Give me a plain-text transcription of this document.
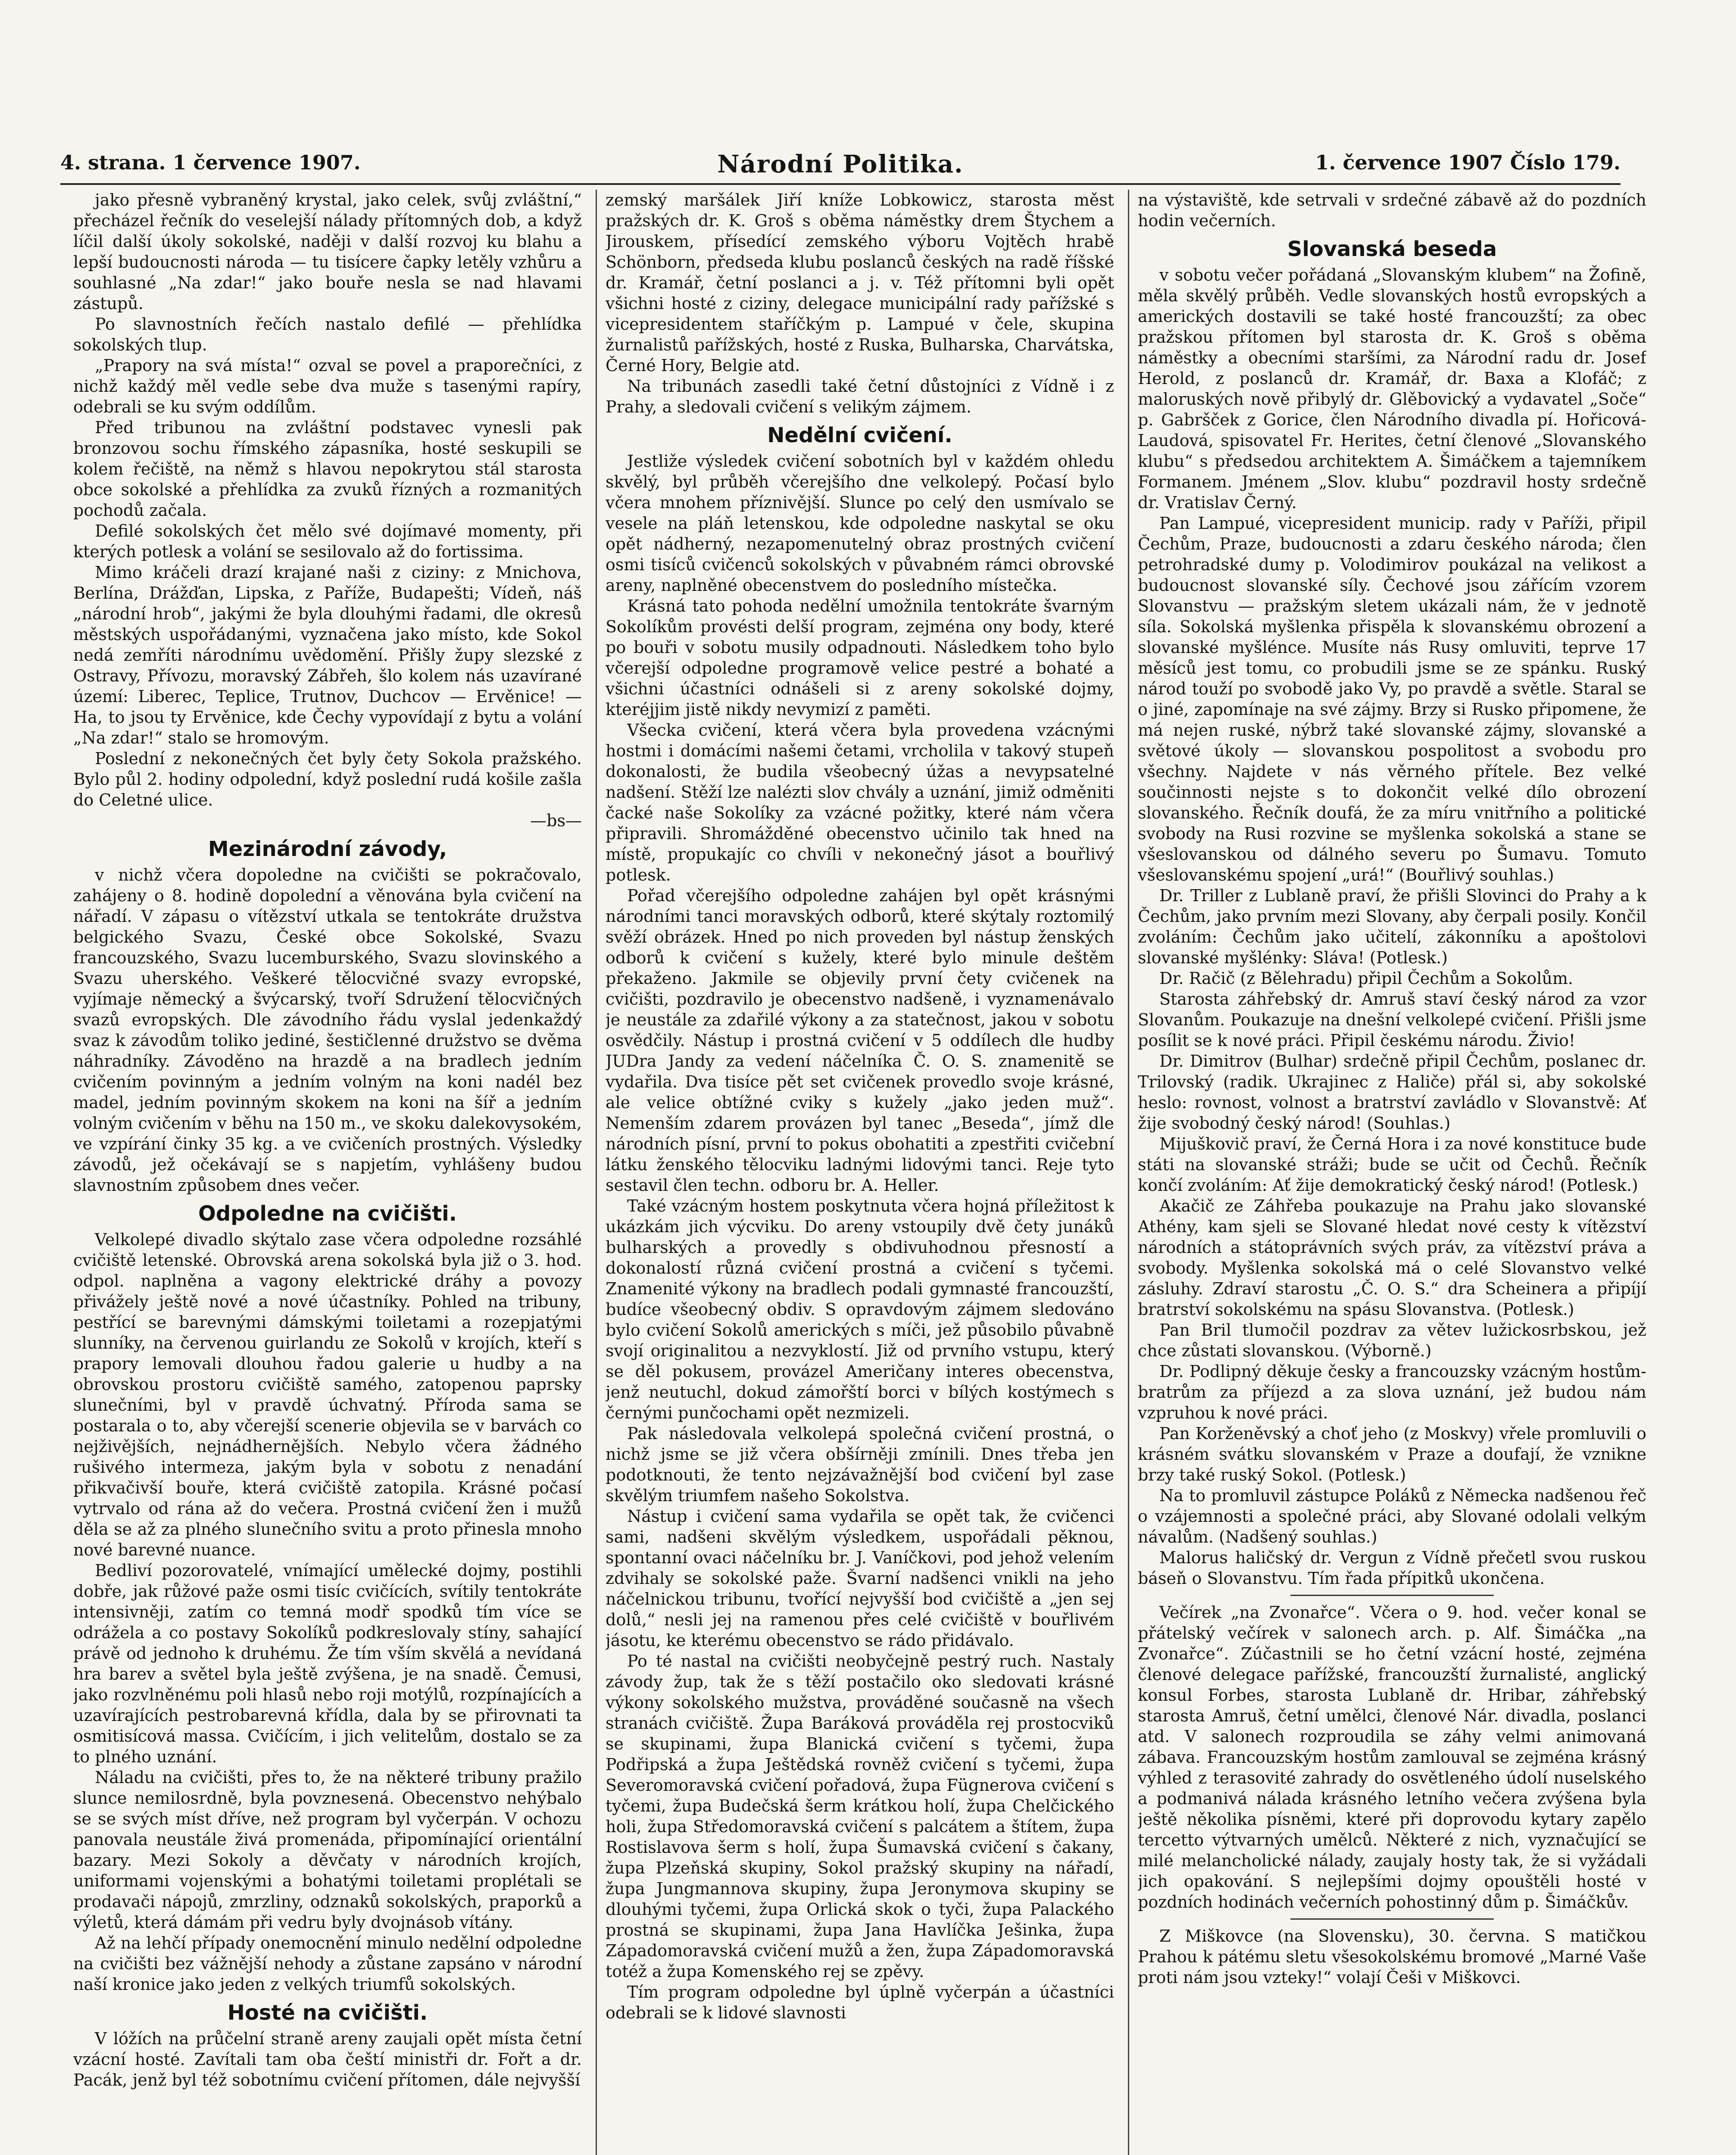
4. strana. 1 července 1907.	Národní Politika.	1. července 1907 Číslo 179.

jako přesně vybraněný krystal, jako celek, svůj zvláštní,“ přecházel řečník do veselejší nálady přítomných dob, a když líčil další úkoly sokolské, naději v další rozvoj ku blahu a lepší budoucnosti národa — tu tisícere čapky letěly vzhůru a souhlasné „Na zdar!“ jako bouře nesla se nad hlavami zástupů.

Po slavnostních řečích nastalo defilé — přehlídka sokolských tlup.

„Prapory na svá místa!“ ozval se povel a praporečníci, z nichž každý měl vedle sebe dva muže s tasenými rapíry, odebrali se ku svým oddílům.

Před tribunou na zvláštní podstavec vynesli pak bronzovou sochu římského zápasníka, hosté seskupili se kolem řečiště, na němž s hlavou nepokrytou stál starosta obce sokolské a přehlídka za zvuků řízných a rozmanitých pochodů začala.

Defilé sokolských čet mělo své dojímavé momenty, při kterých potlesk a volání se sesilovalo až do fortissima.

Mimo kráčeli drazí krajané naši z ciziny: z Mnichova, Berlína, Drážďan, Lipska, z Paříže, Budapešti; Vídeň, náš „národní hrob“, jakými že byla dlouhými řadami, dle okresů městských uspořádanými, vyznačena jako místo, kde Sokol nedá zemříti národnímu uvědomění. Přišly župy slezské z Ostravy, Přívozu, moravský Zábřeh, šlo kolem nás uzavírané území: Liberec, Teplice, Trutnov, Duchcov — Ervěnice! — Ha, to jsou ty Ervěnice, kde Čechy vypovídají z bytu a volání „Na zdar!“ stalo se hromovým.

Poslední z nekonečných čet byly čety Sokola pražského. Bylo půl 2. hodiny odpolední, když poslední rudá košile zašla do Celetné ulice.

—bs—

Mezinárodní závody,

v nichž včera dopoledne na cvičišti se pokračovalo, zahájeny o 8. hodině dopolední a věnována byla cvičení na nářadí. V zápasu o vítězství utkala se tentokráte družstva belgického Svazu, České obce Sokolské, Svazu francouzského, Svazu lucemburského, Svazu slovinského a Svazu uherského. Veškeré tělocvičné svazy evropské, vyjímaje německý a švýcarský, tvoří Sdružení tělocvičných svazů evropských. Dle závodního řádu vyslal jedenkaždý svaz k závodům toliko jediné, šestičlenné družstvo se dvěma náhradníky. Závoděno na hrazdě a na bradlech jedním cvičením povinným a jedním volným na koni nadél bez madel, jedním povinným skokem na koni na šíř a jedním volným cvičením v běhu na 150 m., ve skoku dalekovysokém, ve vzpírání činky 35 kg. a ve cvičeních prostných. Výsledky závodů, jež očekávají se s napjetím, vyhlášeny budou slavnostním způsobem dnes večer.

Odpoledne na cvičišti.

Velkolepé divadlo skýtalo zase včera odpoledne rozsáhlé cvičiště letenské. Obrovská arena sokolská byla již o 3. hod. odpol. naplněna a vagony elektrické dráhy a povozy přivážely ještě nové a nové účastníky. Pohled na tribuny, pestřící se barevnými dámskými toiletami a rozepjatými slunníky, na červenou guirlandu ze Sokolů v krojích, kteří s prapory lemovali dlouhou řadou galerie u hudby a na obrovskou prostoru cvičiště samého, zatopenou paprsky slunečními, byl v pravdě úchvatný. Příroda sama se postarala o to, aby včerejší scenerie objevila se v barvách co nejživějších, nejnádhernějších. Nebylo včera žádného rušivého intermeza, jakým byla v sobotu z nenadání přikvačivší bouře, která cvičiště zatopila. Krásné počasí vytrvalo od rána až do večera. Prostná cvičení žen i mužů děla se až za plného slunečního svitu a proto přinesla mnoho nové barevné nuance.

Bedliví pozorovatelé, vnímající umělecké dojmy, postihli dobře, jak růžové paže osmi tisíc cvičících, svítily tentokráte intensivněji, zatím co temná modř spodků tím více se odrážela a co postavy Sokolíků podkreslovaly stíny, sahající právě od jednoho k druhému. Že tím vším skvělá a nevídaná hra barev a světel byla ještě zvýšena, je na snadě. Čemusi, jako rozvlněnému poli hlasů nebo roji motýlů, rozpínajících a uzavírajících pestrobarevná křídla, dala by se přirovnati ta osmitisícová massa. Cvičícím, i jich velitelům, dostalo se za to plného uznání.

Náladu na cvičišti, přes to, že na některé tribuny pražilo slunce nemilosrdně, byla povznesená. Obecenstvo nehýbalo se se svých míst dříve, než program byl vyčerpán. V ochozu panovala neustále živá promenáda, připomínající orientální bazary. Mezi Sokoly a děvčaty v národních krojích, uniformami vojenskými a bohatými toiletami proplétali se prodavači nápojů, zmrzliny, odznaků sokolských, praporků a výletů, která dámám při vedru byly dvojnásob vítány.

Až na lehčí případy onemocnění minulo nedělní odpoledne na cvičišti bez vážnější nehody a zůstane zapsáno v národní naší kronice jako jeden z velkých triumfů sokolských.

Hosté na cvičišti.

V lóžích na průčelní straně areny zaujali opět místa četní vzácní hosté. Zavítali tam oba čeští ministři dr. Fořt a dr. Pacák, jenž byl též sobotnímu cvičení přítomen, dále nejvyšší

zemský maršálek Jiří kníže Lobkowicz, starosta měst pražských dr. K. Groš s oběma náměstky drem Štychem a Jirouskem, přísedící zemského výboru Vojtěch hrabě Schönborn, předseda klubu poslanců českých na radě říšské dr. Kramář, četní poslanci a j. v. Též přítomni byli opět všichni hosté z ciziny, delegace municipální rady pařížské s vicepresidentem staříčkým p. Lampué v čele, skupina žurnalistů pařížských, hosté z Ruska, Bulharska, Charvátska, Černé Hory, Belgie atd.

Na tribunách zasedli také četní důstojníci z Vídně i z Prahy, a sledovali cvičení s velikým zájmem.

Nedělní cvičení.

Jestliže výsledek cvičení sobotních byl v každém ohledu skvělý, byl průběh včerejšího dne velkolepý. Počasí bylo včera mnohem příznivější. Slunce po celý den usmívalo se vesele na pláň letenskou, kde odpoledne naskytal se oku opět nádherný, nezapomenutelný obraz prostných cvičení osmi tisíců cvičenců sokolských v půvabném rámci obrovské areny, naplněné obecenstvem do posledního místečka.

Krásná tato pohoda nedělní umožnila tentokráte švarným Sokolíkům provésti delší program, zejména ony body, které po bouři v sobotu musily odpadnouti. Následkem toho bylo včerejší odpoledne programově velice pestré a bohaté a všichni účastníci odnášeli si z areny sokolské dojmy, kteréjjim jistě nikdy nevymizí z paměti.

Všecka cvičení, která včera byla provedena vzácnými hostmi i domácími našemi četami, vrcholila v takový stupeň dokonalosti, že budila všeobecný úžas a nevypsatelné nadšení. Stěží lze nalézti slov chvály a uznání, jimiž odměniti čacké naše Sokolíky za vzácné požitky, které nám včera připravili. Shromážděné obecenstvo učinilo tak hned na místě, propukajíc co chvíli v nekonečný jásot a bouřlivý potlesk.

Pořad včerejšího odpoledne zahájen byl opět krásnými národními tanci moravských odborů, které skýtaly roztomilý svěží obrázek. Hned po nich proveden byl nástup ženských odborů k cvičení s kužely, které bylo minule deštěm překaženo. Jakmile se objevily první čety cvičenek na cvičišti, pozdravilo je obecenstvo nadšeně, i vyznamenávalo je neustále za zdařilé výkony a za statečnost, jakou v sobotu osvědčily. Nástup i prostná cvičení v 5 oddílech dle hudby JUDra Jandy za vedení náčelníka Č. O. S. znamenitě se vydařila. Dva tisíce pět set cvičenek provedlo svoje krásné, ale velice obtížné cviky s kužely „jako jeden muž“. Nemenším zdarem provázen byl tanec „Beseda“, jímž dle národních písní, první to pokus obohatiti a zpestřiti cvičební látku ženského tělocviku ladnými lidovými tanci. Reje tyto sestavil člen techn. odboru br. A. Heller.

Také vzácným hostem poskytnuta včera hojná příležitost k ukázkám jich výcviku. Do areny vstoupily dvě čety junáků bulharských a provedly s obdivuhodnou přesností a dokonalostí různá cvičení prostná a cvičení s tyčemi. Znamenité výkony na bradlech podali gymnasté francouzští, budíce všeobecný obdiv. S opravdovým zájmem sledováno bylo cvičení Sokolů amerických s míči, jež působilo půvabně svojí originalitou a nezvyklostí. Již od prvního vstupu, který se děl pokusem, provázel Američany interes obecenstva, jenž neutuchl, dokud zámořští borci v bílých kostýmech s černými punčochami opět nezmizeli.

Pak následovala velkolepá společná cvičení prostná, o nichž jsme se již včera obšírněji zmínili. Dnes třeba jen podotknouti, že tento nejzávažnější bod cvičení byl zase skvělým triumfem našeho Sokolstva.

Nástup i cvičení sama vydařila se opět tak, že cvičenci sami, nadšeni skvělým výsledkem, uspořádali pěknou, spontanní ovaci náčelníku br. J. Vaníčkovi, pod jehož velením zdvihaly se sokolské paže. Švarní nadšenci vnikli na jeho náčelnickou tribunu, tvořící nejvyšší bod cvičiště a „jen sej dolů,“ nesli jej na ramenou přes celé cvičiště v bouřlivém jásotu, ke kterému obecenstvo se rádo přidávalo.

Po té nastal na cvičišti neobyčejně pestrý ruch. Nastaly závody žup, tak že s těží postačilo oko sledovati krásné výkony sokolského mužstva, prováděné současně na všech stranách cvičiště. Župa Baráková prováděla rej prostocviků se skupinami, župa Blanická cvičení s tyčemi, župa Podřipská a župa Ještědská rovněž cvičení s tyčemi, župa Severomoravská cvičení pořadová, župa Fügnerova cvičení s tyčemi, župa Budečská šerm krátkou holí, župa Chelčického holi, župa Středomoravská cvičení s palcátem a štítem, župa Rostislavova šerm s holí, župa Šumavská cvičení s čakany, župa Plzeňská skupiny, Sokol pražský skupiny na nářadí, župa Jungmannova skupiny, župa Jeronymova skupiny se dlouhými tyčemi, župa Orlická skok o tyči, župa Palackého prostná se skupinami, župa Jana Havlíčka Ješinka, župa Západomoravská cvičení mužů a žen, župa Západomoravská totéž a župa Komenského rej se zpěvy.

Tím program odpoledne byl úplně vyčerpán a účastníci odebrali se k lidové slavnosti

na výstaviště, kde setrvali v srdečné zábavě až do pozdních hodin večerních.

Slovanská beseda

v sobotu večer pořádaná „Slovanským klubem“ na Žofině, měla skvělý průběh. Vedle slovanských hostů evropských a amerických dostavili se také hosté francouzští; za obec pražskou přítomen byl starosta dr. K. Groš s oběma náměstky a obecními staršími, za Národní radu dr. Josef Herold, z poslanců dr. Kramář, dr. Baxa a Klofáč; z maloruských nově přibylý dr. Glěbovický a vydavatel „Soče“ p. Gabršček z Gorice, člen Národního divadla pí. Hořicová-Laudová, spisovatel Fr. Herites, četní členové „Slovanského klubu“ s předsedou architektem A. Šimáčkem a tajemníkem Formanem. Jménem „Slov. klubu“ pozdravil hosty srdečně dr. Vratislav Černý.

Pan Lampué, vicepresident municip. rady v Paříži, připil Čechům, Praze, budoucnosti a zdaru českého národa; člen petrohradské dumy p. Volodimirov poukázal na velikost a budoucnost slovanské síly. Čechové jsou zářícím vzorem Slovanstvu — pražským sletem ukázali nám, že v jednotě síla. Sokolská myšlenka přispěla k slovanskému obrození a slovanské myšlénce. Musíte nás Rusy omluviti, teprve 17 měsíců jest tomu, co probudili jsme se ze spánku. Ruský národ touží po svobodě jako Vy, po pravdě a světle. Staral se o jiné, zapomínaje na své zájmy. Brzy si Rusko připomene, že má nejen ruské, nýbrž také slovanské zájmy, slovanské a světové úkoly — slovanskou pospolitost a svobodu pro všechny. Najdete v nás věrného přítele. Bez velké součinnosti nejste s to dokončit velké dílo obrození slovanského. Řečník doufá, že za míru vnitřního a politické svobody na Rusi rozvine se myšlenka sokolská a stane se všeslovanskou od dálného severu po Šumavu. Tomuto všeslovanskému spojení „urá!“ (Bouřlivý souhlas.)

Dr. Triller z Lublaně praví, že přišli Slovinci do Prahy a k Čechům, jako prvním mezi Slovany, aby čerpali posily. Končil zvoláním: Čechům jako učitelí, zákonníku a apoštolovi slovanské myšlénky: Sláva! (Potlesk.)

Dr. Račič (z Bělehradu) připil Čechům a Sokolům.

Starosta záhřebský dr. Amruš staví český národ za vzor Slovanům. Poukazuje na dnešní velkolepé cvičení. Přišli jsme posílit se k nové práci. Připil českému národu. Živio!

Dr. Dimitrov (Bulhar) srdečně připil Čechům, poslanec dr. Trilovský (radik. Ukrajinec z Haliče) přál si, aby sokolské heslo: rovnost, volnost a bratrství zavládlo v Slovanstvě: Ať žije svobodný český národ! (Souhlas.)

Mijuškovič praví, že Černá Hora i za nové konstituce bude státi na slovanské stráži; bude se učit od Čechů. Řečník končí zvoláním: Ať žije demokratický český národ! (Potlesk.)

Akačič ze Záhřeba poukazuje na Prahu jako slovanské Athény, kam sjeli se Slované hledat nové cesty k vítězství národních a státoprávních svých práv, za vítězství práva a svobody. Myšlenka sokolská má o celé Slovanstvo velké zásluhy. Zdraví starostu „Č. O. S.“ dra Scheinera a připíjí bratrství sokolskému na spásu Slovanstva. (Potlesk.)

Pan Bril tlumočil pozdrav za větev lužickosrbskou, jež chce zůstati slovanskou. (Výborně.)

Dr. Podlipný děkuje česky a francouzsky vzácným hostům-bratrům za příjezd a za slova uznání, jež budou nám vzpruhou k nové práci.

Pan Korženěvský a choť jeho (z Moskvy) vřele promluvili o krásném svátku slovanském v Praze a doufají, že vznikne brzy také ruský Sokol. (Potlesk.)

Na to promluvil zástupce Poláků z Německa nadšenou řeč o vzájemnosti a společné práci, aby Slované odolali velkým návalům. (Nadšený souhlas.)

Malorus haličský dr. Vergun z Vídně přečetl svou ruskou báseň o Slovanstvu. Tím řada přípitků ukončena.

Večírek „na Zvonařce“. Včera o 9. hod. večer konal se přátelský večírek v salonech arch. p. Alf. Šimáčka „na Zvonařce“. Zúčastnili se ho četní vzácní hosté, zejména členové delegace pařížské, francouzští žurnalisté, anglický konsul Forbes, starosta Lublaně dr. Hribar, záhřebský starosta Amruš, četní umělci, členové Nár. divadla, poslanci atd. V salonech rozproudila se záhy velmi animovaná zábava. Francouzským hostům zamlouval se zejména krásný výhled z terasovité zahrady do osvětleného údolí nuselského a podmanivá nálada krásného letního večera zvýšena byla ještě několika písněmi, které při doprovodu kytary zapělo tercetto výtvarných umělců. Některé z nich, vyznačující se milé melancholické nálady, zaujaly hosty tak, že si vyžádali jich opakování. S nejlepšími dojmy opouštěli hosté v pozdních hodinách večerních pohostinný dům p. Šimáčkův.

Z Miškovce (na Slovensku), 30. června. S matičkou Prahou k pátému sletu všesokolskému bromové „Marné Vaše proti nám jsou vzteky!“ volají Češi v Miškovci.
